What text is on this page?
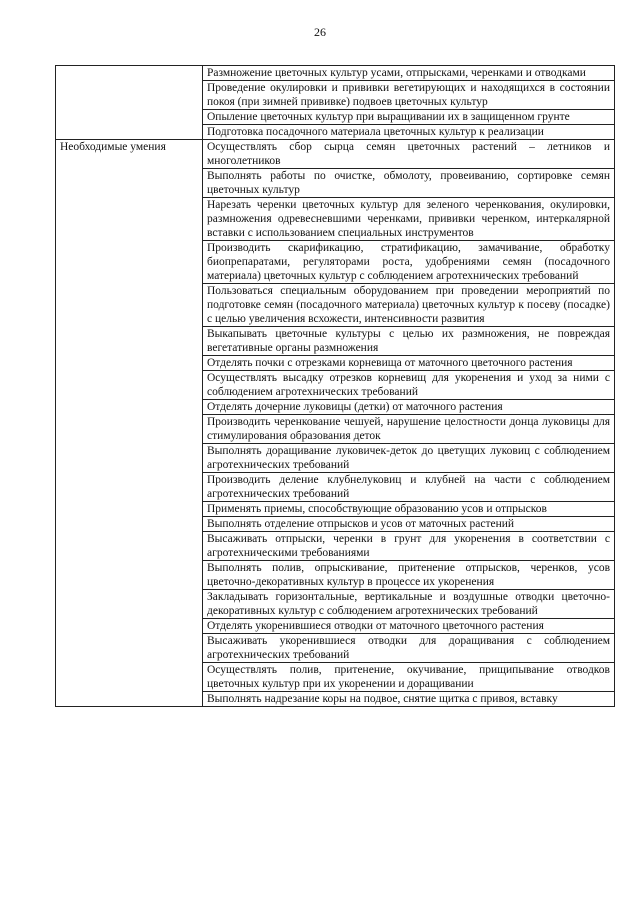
26
	Размножение цветочных культур усами, отпрысками, черенками и отводками
	Проведение окулировки и прививки вегетирующих и находящихся в состоянии покоя (при зимней прививке) подвоев цветочных культур
	Опыление цветочных культур при выращивании их в защищенном грунте
	Подготовка посадочного материала цветочных культур к реализации
Необходимые умения	Осуществлять сбор сырца семян цветочных растений – летников и многолетников
	Выполнять работы по очистке, обмолоту, провеиванию, сортировке семян цветочных культур
	Нарезать черенки цветочных культур для зеленого черенкования, окулировки, размножения одревесневшими черенками, прививки черенком, интеркалярной вставки с использованием специальных инструментов
	Производить скарификацию, стратификацию, замачивание, обработку биопрепаратами, регуляторами роста, удобрениями семян (посадочного материала) цветочных культур с соблюдением агротехнических требований
	Пользоваться специальным оборудованием при проведении мероприятий по подготовке семян (посадочного материала) цветочных культур к посеву (посадке) с целью увеличения всхожести, интенсивности развития
	Выкапывать цветочные культуры с целью их размножения, не повреждая вегетативные органы размножения
	Отделять почки с отрезками корневища от маточного цветочного растения
	Осуществлять высадку отрезков корневищ для укоренения и уход за ними с соблюдением агротехнических требований
	Отделять дочерние луковицы (детки) от маточного растения
	Производить черенкование чешуей, нарушение целостности донца луковицы для стимулирования образования деток
	Выполнять доращивание луковичек-деток до цветущих луковиц с соблюдением агротехнических требований
	Производить деление клубнелуковиц и клубней на части с соблюдением агротехнических требований
	Применять приемы, способствующие образованию усов и отпрысков
	Выполнять отделение отпрысков и усов от маточных растений
	Высаживать отпрыски, черенки в грунт для укоренения в соответствии с агротехническими требованиями
	Выполнять полив, опрыскивание, притенение отпрысков, черенков, усов цветочно-декоративных культур в процессе их укоренения
	Закладывать горизонтальные, вертикальные и воздушные отводки цветочно-декоративных культур с соблюдением агротехнических требований
	Отделять укоренившиеся отводки от маточного цветочного растения
	Высаживать укоренившиеся отводки для доращивания с соблюдением агротехнических требований
	Осуществлять полив, притенение, окучивание, прищипывание отводков цветочных культур при их укоренении и доращивании
	Выполнять надрезание коры на подвое, снятие щитка с привоя, вставку
